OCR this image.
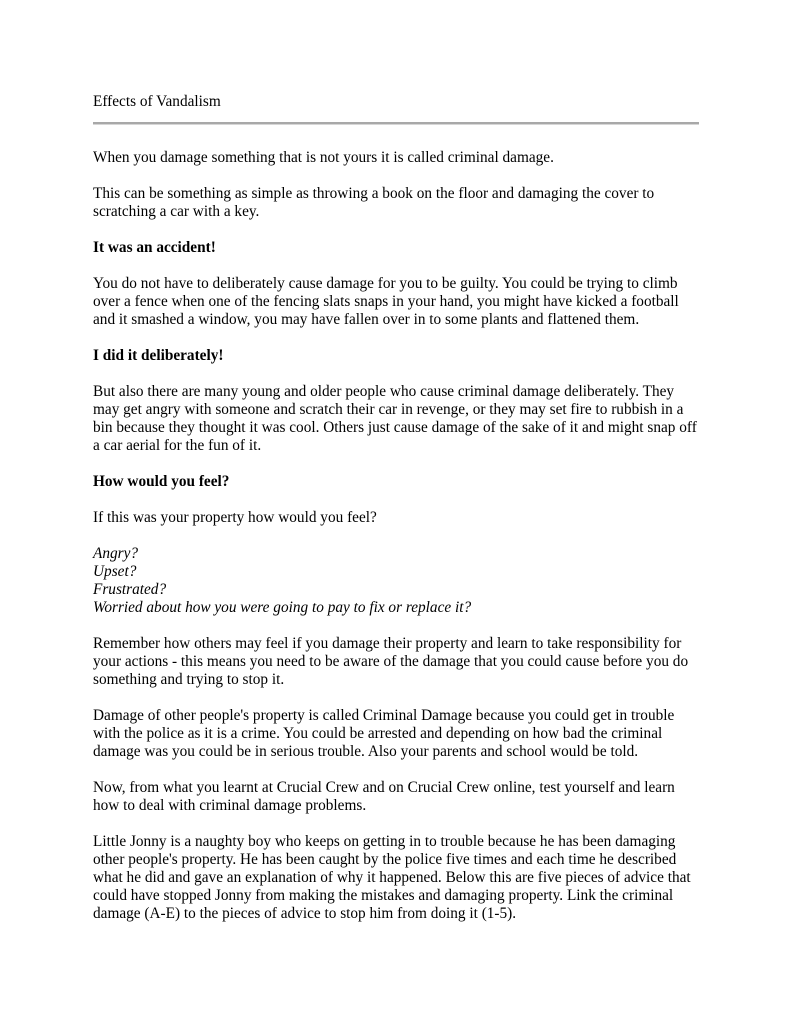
Effects of Vandalism

When you damage something that is not yours it is called criminal damage.

This can be something as simple as throwing a book on the floor and damaging the cover to scratching a car with a key.

It was an accident!

You do not have to deliberately cause damage for you to be guilty. You could be trying to climb over a fence when one of the fencing slats snaps in your hand, you might have kicked a football and it smashed a window, you may have fallen over in to some plants and flattened them.

I did it deliberately!

But also there are many young and older people who cause criminal damage deliberately. They may get angry with someone and scratch their car in revenge, or they may set fire to rubbish in a bin because they thought it was cool. Others just cause damage of the sake of it and might snap off a car aerial for the fun of it.

How would you feel?

If this was your property how would you feel?

Angry?
Upset?
Frustrated?
Worried about how you were going to pay to fix or replace it?

Remember how others may feel if you damage their property and learn to take responsibility for your actions - this means you need to be aware of the damage that you could cause before you do something and trying to stop it.

Damage of other people's property is called Criminal Damage because you could get in trouble with the police as it is a crime. You could be arrested and depending on how bad the criminal damage was you could be in serious trouble. Also your parents and school would be told.

Now, from what you learnt at Crucial Crew and on Crucial Crew online, test yourself and learn how to deal with criminal damage problems.

Little Jonny is a naughty boy who keeps on getting in to trouble because he has been damaging other people's property. He has been caught by the police five times and each time he described what he did and gave an explanation of why it happened. Below this are five pieces of advice that could have stopped Jonny from making the mistakes and damaging property. Link the criminal damage (A-E) to the pieces of advice to stop him from doing it (1-5).
